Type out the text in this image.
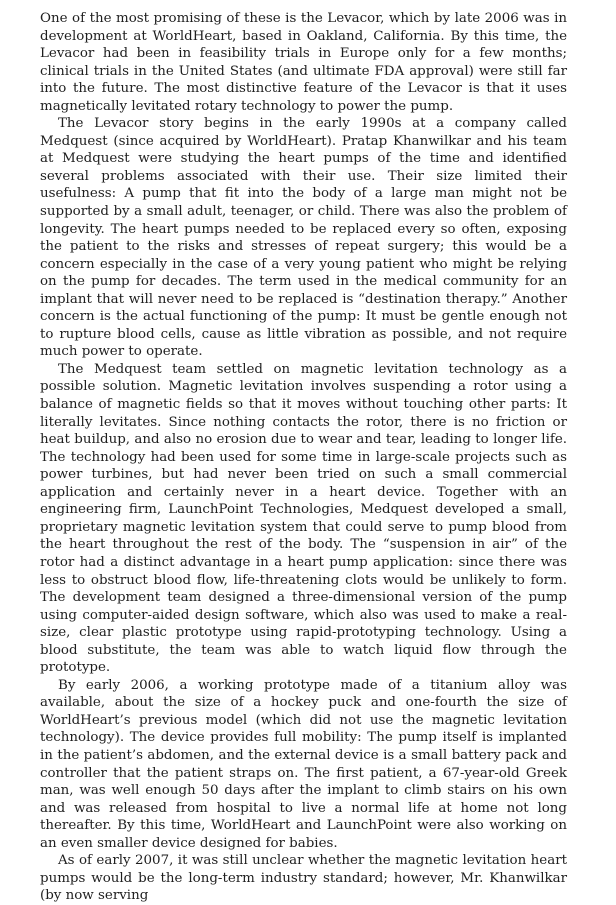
One of the most promising of these is the Levacor, which by late 2006 was in development at WorldHeart, based in Oakland, California. By this time, the Levacor had been in feasibility trials in Europe only for a few months; clinical trials in the United States (and ultimate FDA approval) were still far into the future. The most distinctive feature of the Levacor is that it uses magnetically levitated rotary technology to power the pump.

The Levacor story begins in the early 1990s at a company called Medquest (since acquired by WorldHeart). Pratap Khanwilkar and his team at Medquest were studying the heart pumps of the time and identified several problems associated with their use. Their size limited their usefulness: A pump that fit into the body of a large man might not be supported by a small adult, teenager, or child. There was also the problem of longevity. The heart pumps needed to be replaced every so often, exposing the patient to the risks and stresses of repeat surgery; this would be a concern especially in the case of a very young patient who might be relying on the pump for decades. The term used in the medical community for an implant that will never need to be replaced is “destination therapy.” Another concern is the actual functioning of the pump: It must be gentle enough not to rupture blood cells, cause as little vibration as possible, and not require much power to operate.

The Medquest team settled on magnetic levitation technology as a possible solution. Magnetic levitation involves suspending a rotor using a balance of magnetic fields so that it moves without touching other parts: It literally levitates. Since nothing contacts the rotor, there is no friction or heat buildup, and also no erosion due to wear and tear, leading to longer life. The technology had been used for some time in large-scale projects such as power turbines, but had never been tried on such a small commercial application and certainly never in a heart device. Together with an engineering firm, LaunchPoint Technologies, Medquest developed a small, proprietary magnetic levitation system that could serve to pump blood from the heart throughout the rest of the body. The “suspension in air” of the rotor had a distinct advantage in a heart pump application: since there was less to obstruct blood flow, life-threatening clots would be unlikely to form. The development team designed a three-dimensional version of the pump using computer-aided design software, which also was used to make a real-size, clear plastic prototype using rapid-prototyping technology. Using a blood substitute, the team was able to watch liquid flow through the prototype.

By early 2006, a working prototype made of a titanium alloy was available, about the size of a hockey puck and one-fourth the size of WorldHeart’s previous model (which did not use the magnetic levitation technology). The device provides full mobility: The pump itself is implanted in the patient’s abdomen, and the external device is a small battery pack and controller that the patient straps on. The first patient, a 67-year-old Greek man, was well enough 50 days after the implant to climb stairs on his own and was released from hospital to live a normal life at home not long thereafter. By this time, WorldHeart and LaunchPoint were also working on an even smaller device designed for babies.

As of early 2007, it was still unclear whether the magnetic levitation heart pumps would be the long-term industry standard; however, Mr. Khanwilkar (by now serving
